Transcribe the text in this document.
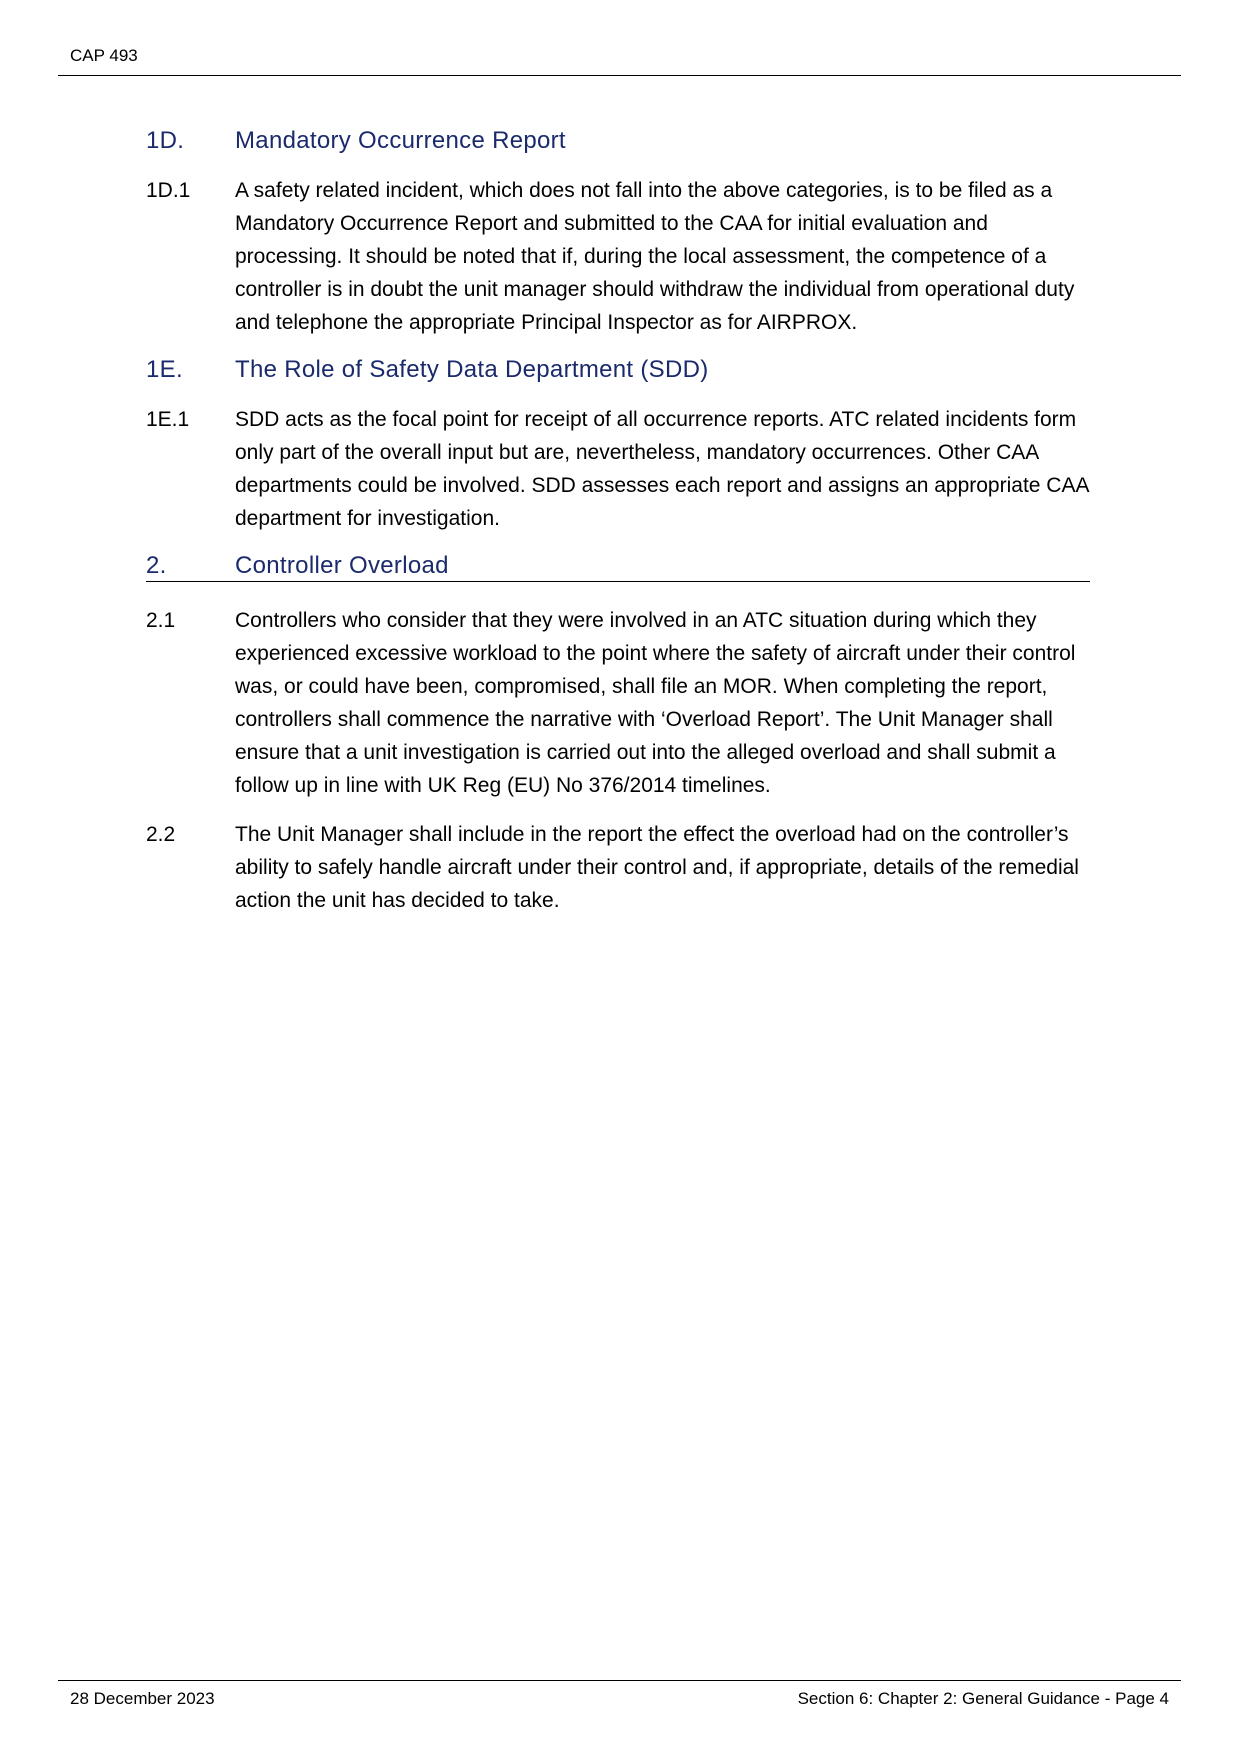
CAP 493
1D.	Mandatory Occurrence Report
1D.1	A safety related incident, which does not fall into the above categories, is to be filed as a Mandatory Occurrence Report and submitted to the CAA for initial evaluation and processing. It should be noted that if, during the local assessment, the competence of a controller is in doubt the unit manager should withdraw the individual from operational duty and telephone the appropriate Principal Inspector as for AIRPROX.
1E.	The Role of Safety Data Department (SDD)
1E.1	SDD acts as the focal point for receipt of all occurrence reports. ATC related incidents form only part of the overall input but are, nevertheless, mandatory occurrences. Other CAA departments could be involved. SDD assesses each report and assigns an appropriate CAA department for investigation.
2.	Controller Overload
2.1	Controllers who consider that they were involved in an ATC situation during which they experienced excessive workload to the point where the safety of aircraft under their control was, or could have been, compromised, shall file an MOR. When completing the report, controllers shall commence the narrative with ‘Overload Report’. The Unit Manager shall ensure that a unit investigation is carried out into the alleged overload and shall submit a follow up in line with UK Reg (EU) No 376/2014 timelines.
2.2	The Unit Manager shall include in the report the effect the overload had on the controller’s ability to safely handle aircraft under their control and, if appropriate, details of the remedial action the unit has decided to take.
28 December 2023	Section 6: Chapter 2: General Guidance - Page 4
